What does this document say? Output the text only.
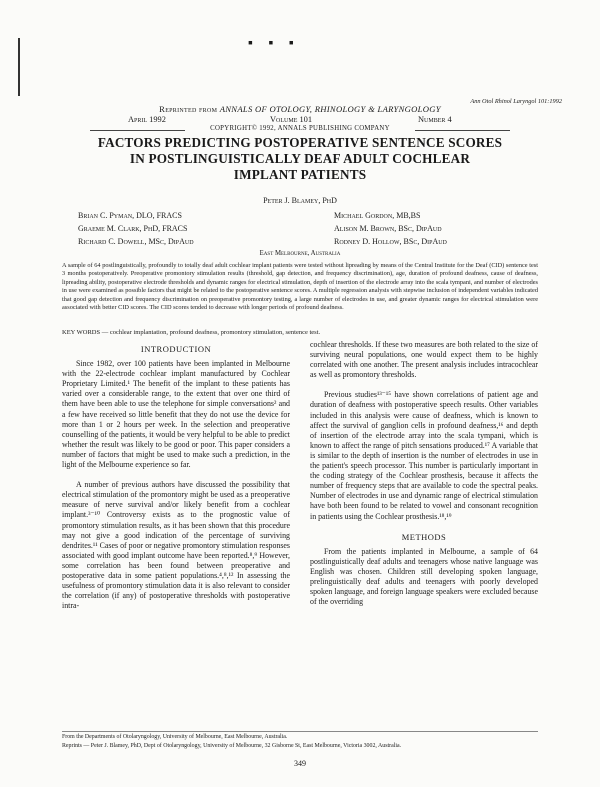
▪ ▪ ▪
Ann Otol Rhinol Laryngol 101:1992
Reprinted from ANNALS OF OTOLOGY, RHINOLOGY & LARYNGOLOGY
April 1992	Volume 101	Number 4
COPYRIGHT© 1992, ANNALS PUBLISHING COMPANY
FACTORS PREDICTING POSTOPERATIVE SENTENCE SCORES
IN POSTLINGUISTICALLY DEAF ADULT COCHLEAR
IMPLANT PATIENTS
Peter J. Blamey, PhD
Brian C. Pyman, DLO, FRACS
Graeme M. Clark, PhD, FRACS
Richard C. Dowell, MSc, DipAud
Michael Gordon, MB,BS
Alison M. Brown, BSc, DipAud
Rodney D. Hollow, BSc, DipAud
East Melbourne, Australia
A sample of 64 postlinguistically, profoundly to totally deaf adult cochlear implant patients were tested without lipreading by means of the Central Institute for the Deaf (CID) sentence test 3 months postoperatively. Preoperative promontory stimulation results (threshold, gap detection, and frequency discrimination), age, duration of profound deafness, cause of deafness, lipreading ability, postoperative electrode thresholds and dynamic ranges for electrical stimulation, depth of insertion of the electrode array into the scala tympani, and number of electrodes in use were examined as possible factors that might be related to the postoperative sentence scores. A multiple regression analysis with stepwise inclusion of independent variables indicated that good gap detection and frequency discrimination on preoperative promontory testing, a large number of electrodes in use, and greater dynamic ranges for electrical stimulation were associated with better CID scores. The CID scores tended to decrease with longer periods of profound deafness.
KEY WORDS — cochlear implantation, profound deafness, promontory stimulation, sentence test.
INTRODUCTION

Since 1982, over 100 patients have been implanted in Melbourne with the 22-electrode cochlear implant manufactured by Cochlear Proprietary Limited.¹ The benefit of the implant to these patients has varied over a considerable range, to the extent that over one third of them have been able to use the telephone for simple conversations² and a few have received so little benefit that they do not use the device for more than 1 or 2 hours per week. In the selection and preoperative counselling of the patients, it would be very helpful to be able to predict whether the result was likely to be good or poor. This paper considers a number of factors that might be used to make such a prediction, in the light of the Melbourne experience so far.

A number of previous authors have discussed the possibility that electrical stimulation of the promontory might be used as a preoperative measure of nerve survival and/or likely benefit from a cochlear implant.³⁻¹⁰ Controversy exists as to the prognostic value of promontory stimulation results, as it has been shown that this procedure may not give a good indication of the percentage of surviving dendrites.¹¹ Cases of poor or negative promontory stimulation responses associated with good implant outcome have been reported.⁸,⁹ However, some correlation has been found between preoperative and postoperative data in some patient populations.⁴,⁸,¹² In assessing the usefulness of promontory stimulation data it is also relevant to consider the correlation (if any) of postoperative thresholds with postoperative intra-

cochlear thresholds. If these two measures are both related to the size of surviving neural populations, one would expect them to be highly correlated with one another. The present analysis includes intracochlear as well as promontory thresholds.

Previous studies¹³⁻¹⁵ have shown correlations of patient age and duration of deafness with postoperative speech results. Other variables included in this analysis were cause of deafness, which is known to affect the survival of ganglion cells in profound deafness,¹⁶ and depth of insertion of the electrode array into the scala tympani, which is known to affect the range of pitch sensations produced.¹⁷ A variable that is similar to the depth of insertion is the number of electrodes in use in the patient's speech processor. This number is particularly important in the coding strategy of the Cochlear prosthesis, because it affects the number of frequency steps that are available to code the spectral peaks. Number of electrodes in use and dynamic range of electrical stimulation have both been found to be related to vowel and consonant recognition in patients using the Cochlear prosthesis.¹⁸,¹⁹

METHODS

From the patients implanted in Melbourne, a sample of 64 postlinguistically deaf adults and teenagers whose native language was English was chosen. Children still developing spoken language, prelinguistically deaf adults and teenagers with poorly developed spoken language, and foreign language speakers were excluded because of the overriding

From the Departments of Otolaryngology, University of Melbourne, East Melbourne, Australia.
Reprints — Peter J. Blamey, PhD, Dept of Otolaryngology, University of Melbourne, 32 Gisborne St, East Melbourne, Victoria 3002, Australia.
349
